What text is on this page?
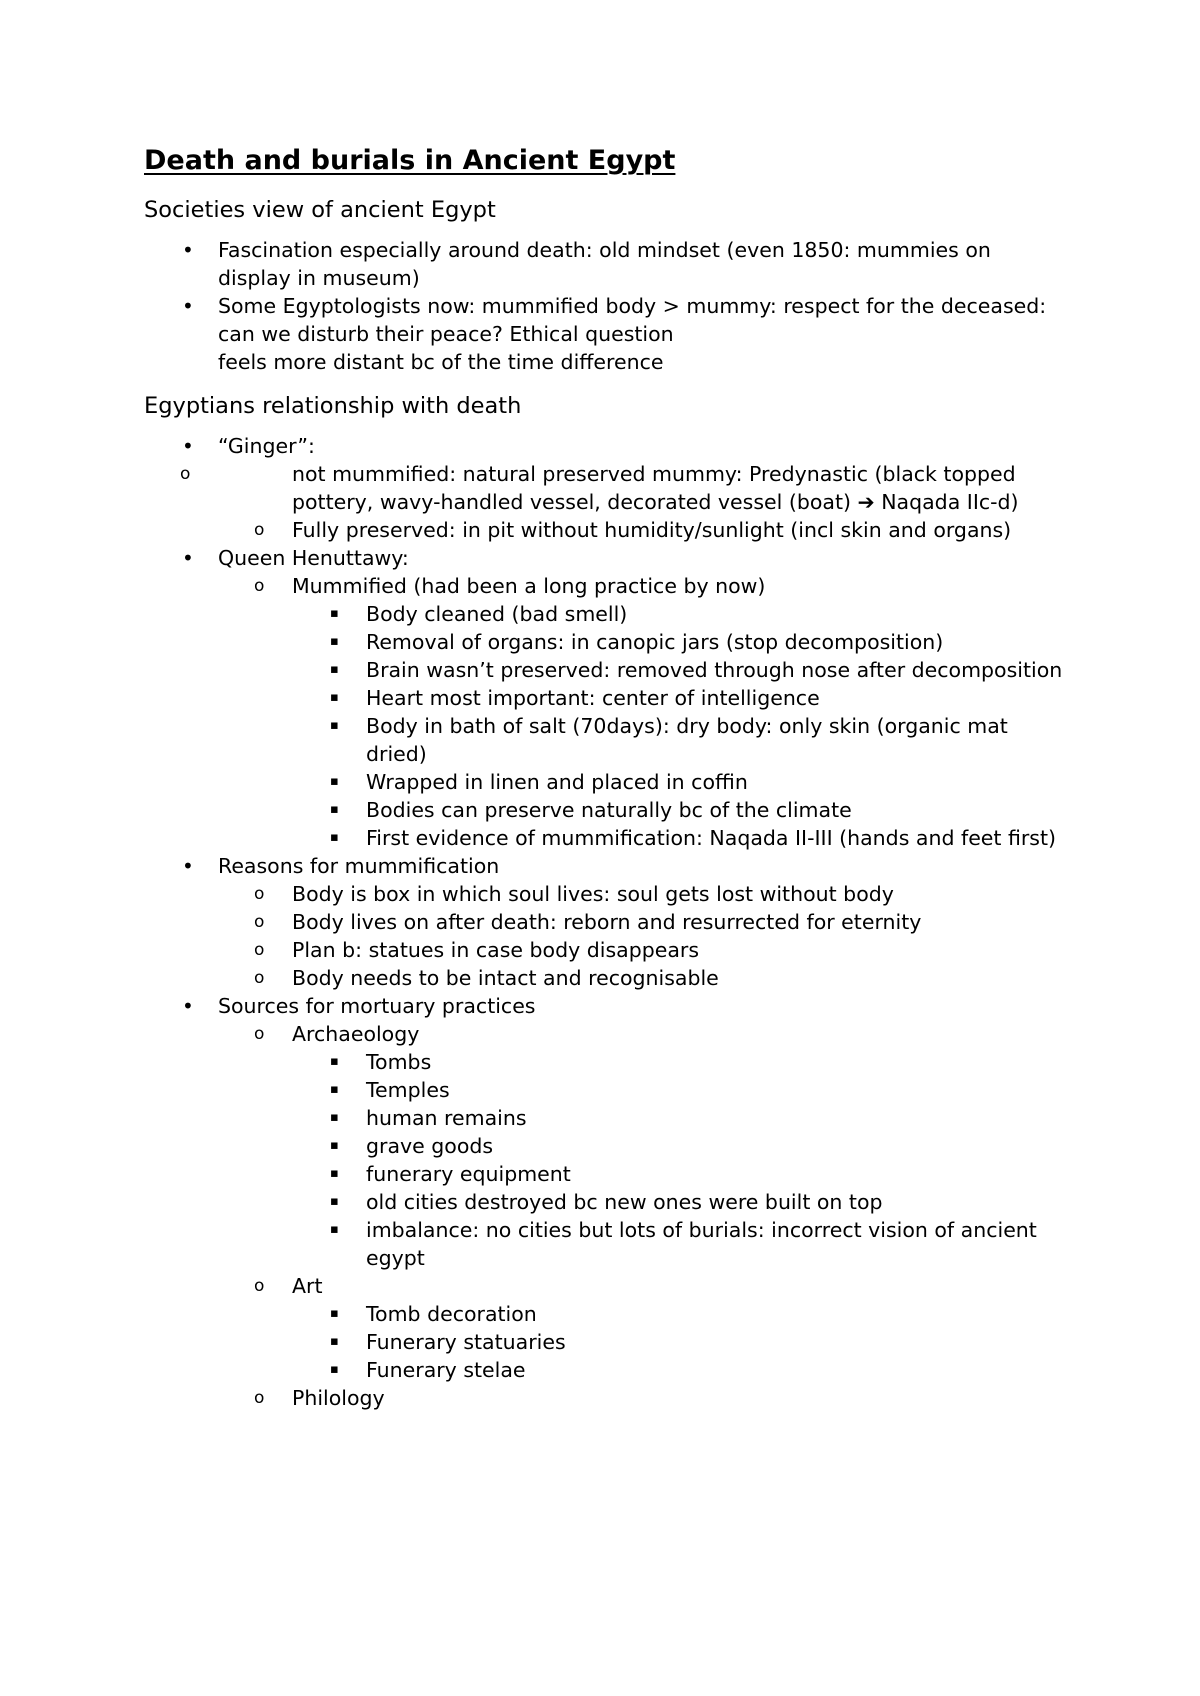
Death and burials in Ancient Egypt
Societies view of ancient Egypt
• Fascination especially around death: old mindset (even 1850: mummies on display in museum)
• Some Egyptologists now: mummified body > mummy: respect for the deceased: can we disturb their peace? Ethical question
feels more distant bc of the time difference
Egyptians relationship with death
• “Ginger”:
o	not mummified: natural preserved mummy: Predynastic (black topped pottery, wavy-handled vessel, decorated vessel (boat) ➔ Naqada IIc-d)
o Fully preserved: in pit without humidity/sunlight (incl skin and organs)
• Queen Henuttawy:
o Mummified (had been a long practice by now)
▪ Body cleaned (bad smell)
▪ Removal of organs: in canopic jars (stop decomposition)
▪ Brain wasn’t preserved: removed through nose after decomposition
▪ Heart most important: center of intelligence
▪ Body in bath of salt (70days): dry body: only skin (organic mat dried)
▪ Wrapped in linen and placed in coffin
▪ Bodies can preserve naturally bc of the climate
▪ First evidence of mummification: Naqada II-III (hands and feet first)
• Reasons for mummification
o Body is box in which soul lives: soul gets lost without body
o Body lives on after death: reborn and resurrected for eternity
o Plan b: statues in case body disappears
o Body needs to be intact and recognisable
• Sources for mortuary practices
o Archaeology
▪ Tombs
▪ Temples
▪ human remains
▪ grave goods
▪ funerary equipment
▪ old cities destroyed bc new ones were built on top
▪ imbalance: no cities but lots of burials: incorrect vision of ancient egypt
o Art
▪ Tomb decoration
▪ Funerary statuaries
▪ Funerary stelae
o Philology
